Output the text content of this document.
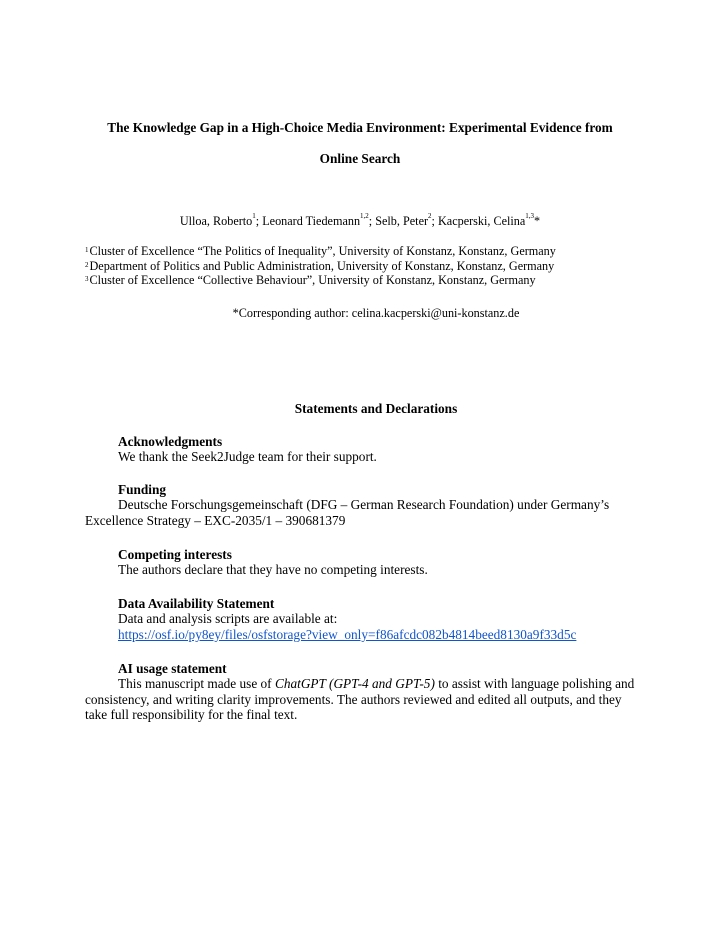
The Knowledge Gap in a High-Choice Media Environment: Experimental Evidence from
Online Search
Ulloa, Roberto$^1$; Leonard Tiedemann$^{1,2}$; Selb, Peter$^2$; Kacperski, Celina$^{1,3}$*
$^1$Cluster of Excellence “The Politics of Inequality”, University of Konstanz, Konstanz, Germany
$^2$Department of Politics and Public Administration, University of Konstanz, Konstanz, Germany
$^3$Cluster of Excellence “Collective Behaviour”, University of Konstanz, Konstanz, Germany
*Corresponding author: celina.kacperski@uni-konstanz.de
Statements and Declarations
Acknowledgments
We thank the Seek2Judge team for their support.
Funding
Deutsche Forschungsgemeinschaft (DFG – German Research Foundation) under Germany’s Excellence Strategy – EXC-2035/1 – 390681379
Competing interests
The authors declare that they have no competing interests.
Data Availability Statement
Data and analysis scripts are available at:
https://osf.io/py8ey/files/osfstorage?view_only=f86afcdc082b4814beed8130a9f33d5c
AI usage statement
This manuscript made use of ChatGPT (GPT-4 and GPT-5) to assist with language polishing and consistency, and writing clarity improvements. The authors reviewed and edited all outputs, and they take full responsibility for the final text.
